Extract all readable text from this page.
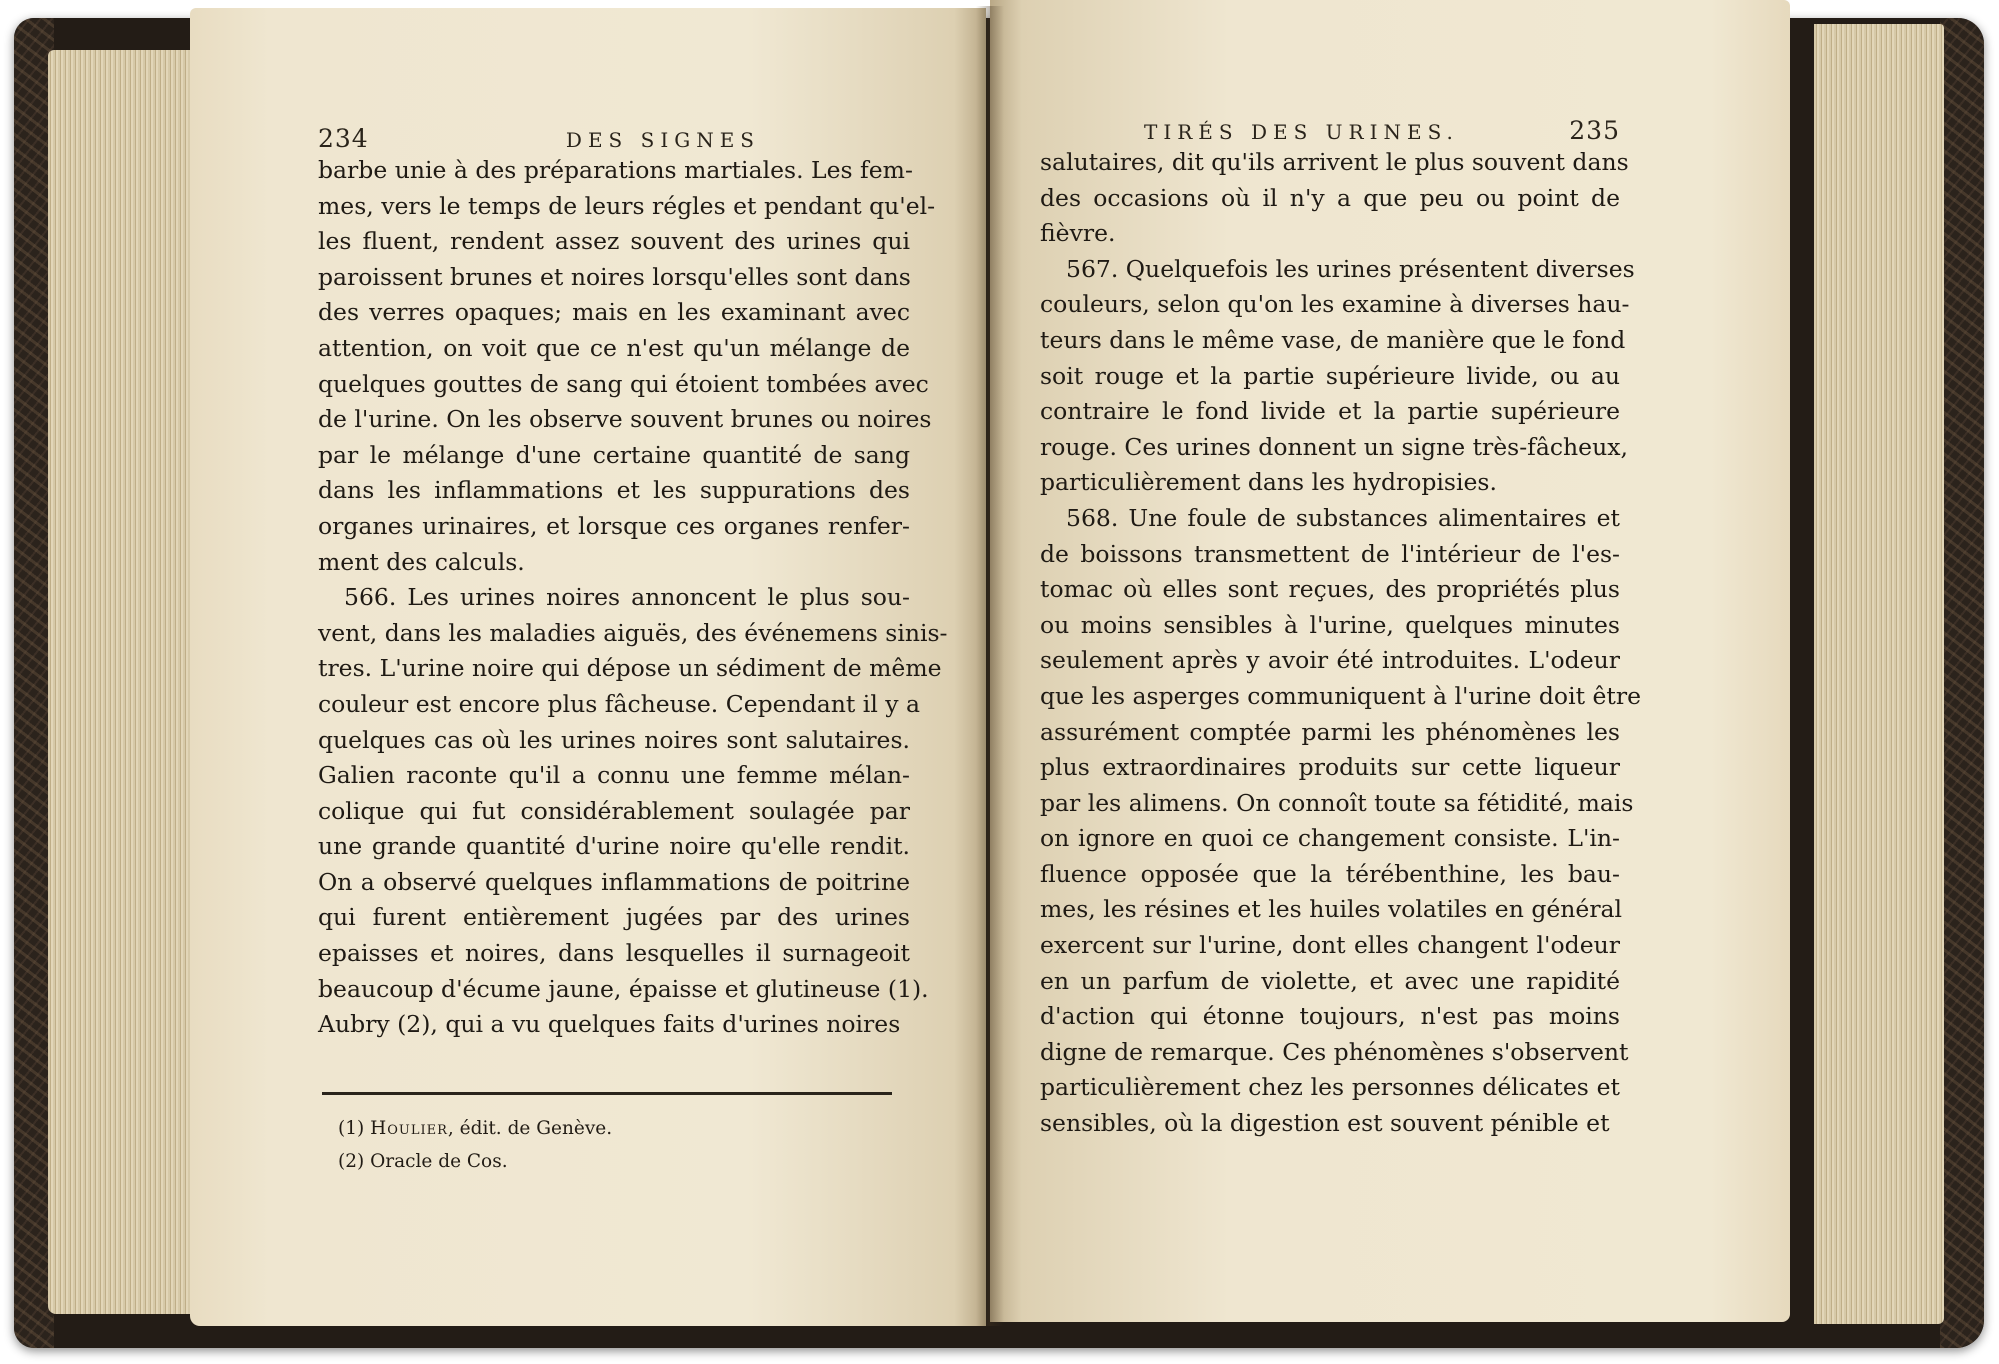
234	DES SIGNES
barbe unie à des préparations martiales. Les fem-
mes, vers le temps de leurs régles et pendant qu'el-
les fluent, rendent assez souvent des urines qui
paroissent brunes et noires lorsqu'elles sont dans
des verres opaques; mais en les examinant avec
attention, on voit que ce n'est qu'un mélange de
quelques gouttes de sang qui étoient tombées avec
de l'urine. On les observe souvent brunes ou noires
par le mélange d'une certaine quantité de sang
dans les inflammations et les suppurations des
organes urinaires, et lorsque ces organes renfer-
ment des calculs.
566. Les urines noires annoncent le plus sou-
vent, dans les maladies aiguës, des événemens sinis-
tres. L'urine noire qui dépose un sédiment de même
couleur est encore plus fâcheuse. Cependant il y a
quelques cas où les urines noires sont salutaires.
Galien raconte qu'il a connu une femme mélan-
colique qui fut considérablement soulagée par
une grande quantité d'urine noire qu'elle rendit.
On a observé quelques inflammations de poitrine
qui furent entièrement jugées par des urines
epaisses et noires, dans lesquelles il surnageoit
beaucoup d'écume jaune, épaisse et glutineuse (1).
Aubry (2), qui a vu quelques faits d'urines noires
(1) Houlier, édit. de Genève.
(2) Oracle de Cos.
TIRÉS DES URINES.	235
salutaires, dit qu'ils arrivent le plus souvent dans
des occasions où il n'y a que peu ou point de
fièvre.
567. Quelquefois les urines présentent diverses
couleurs, selon qu'on les examine à diverses hau-
teurs dans le même vase, de manière que le fond
soit rouge et la partie supérieure livide, ou au
contraire le fond livide et la partie supérieure
rouge. Ces urines donnent un signe très-fâcheux,
particulièrement dans les hydropisies.
568. Une foule de substances alimentaires et
de boissons transmettent de l'intérieur de l'es-
tomac où elles sont reçues, des propriétés plus
ou moins sensibles à l'urine, quelques minutes
seulement après y avoir été introduites. L'odeur
que les asperges communiquent à l'urine doit être
assurément comptée parmi les phénomènes les
plus extraordinaires produits sur cette liqueur
par les alimens. On connoît toute sa fétidité, mais
on ignore en quoi ce changement consiste. L'in-
fluence opposée que la térébenthine, les bau-
mes, les résines et les huiles volatiles en général
exercent sur l'urine, dont elles changent l'odeur
en un parfum de violette, et avec une rapidité
d'action qui étonne toujours, n'est pas moins
digne de remarque. Ces phénomènes s'observent
particulièrement chez les personnes délicates et
sensibles, où la digestion est souvent pénible et
